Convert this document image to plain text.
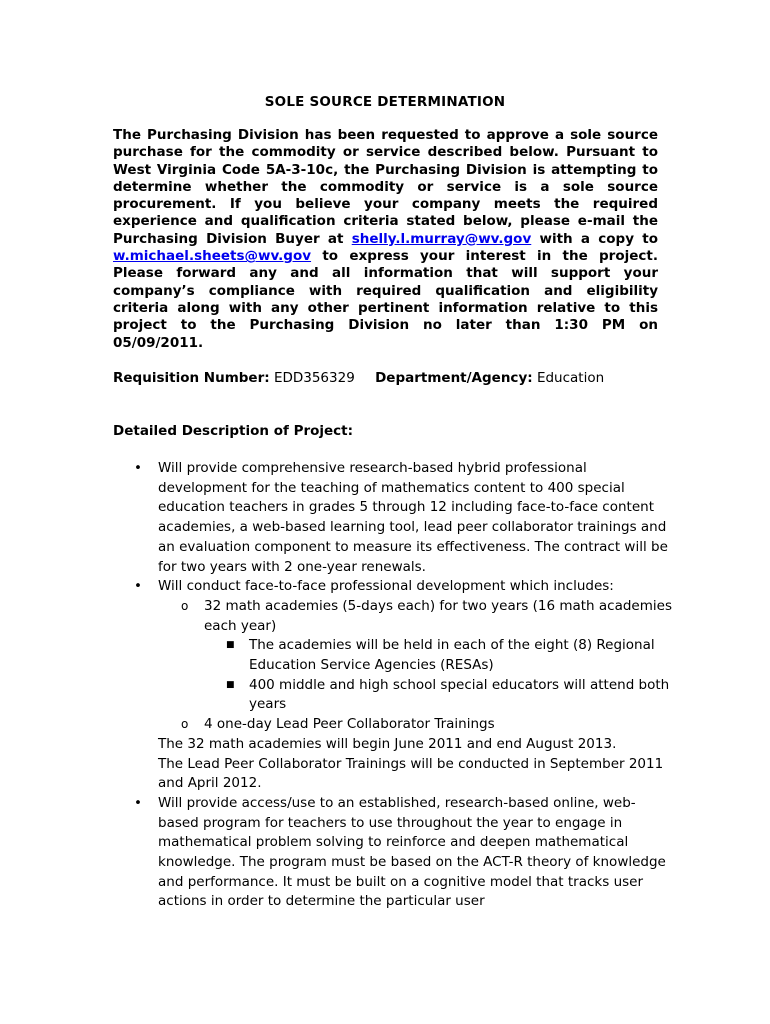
SOLE SOURCE DETERMINATION
The Purchasing Division has been requested to approve a sole source purchase for the commodity or service described below. Pursuant to West Virginia Code 5A-3-10c, the Purchasing Division is attempting to determine whether the commodity or service is a sole source procurement. If you believe your company meets the required experience and qualification criteria stated below, please e-mail the Purchasing Division Buyer at shelly.l.murray@wv.gov with a copy to w.michael.sheets@wv.gov to express your interest in the project. Please forward any and all information that will support your company’s compliance with required qualification and eligibility criteria along with any other pertinent information relative to this project to the Purchasing Division no later than 1:30 PM on 05/09/2011.
Requisition Number: EDD356329 Department/Agency: Education
Detailed Description of Project:
• Will provide comprehensive research-based hybrid professional development for the teaching of mathematics content to 400 special education teachers in grades 5 through 12 including face-to-face content academies, a web-based learning tool, lead peer collaborator trainings and an evaluation component to measure its effectiveness. The contract will be for two years with 2 one-year renewals.
• Will conduct face-to-face professional development which includes:
o 32 math academies (5-days each) for two years (16 math academies each year)
■ The academies will be held in each of the eight (8) Regional Education Service Agencies (RESAs)
■ 400 middle and high school special educators will attend both years
o 4 one-day Lead Peer Collaborator Trainings
The 32 math academies will begin June 2011 and end August 2013.
The Lead Peer Collaborator Trainings will be conducted in September 2011 and April 2012.
• Will provide access/use to an established, research-based online, web-based program for teachers to use throughout the year to engage in mathematical problem solving to reinforce and deepen mathematical knowledge. The program must be based on the ACT-R theory of knowledge and performance. It must be built on a cognitive model that tracks user actions in order to determine the particular user
